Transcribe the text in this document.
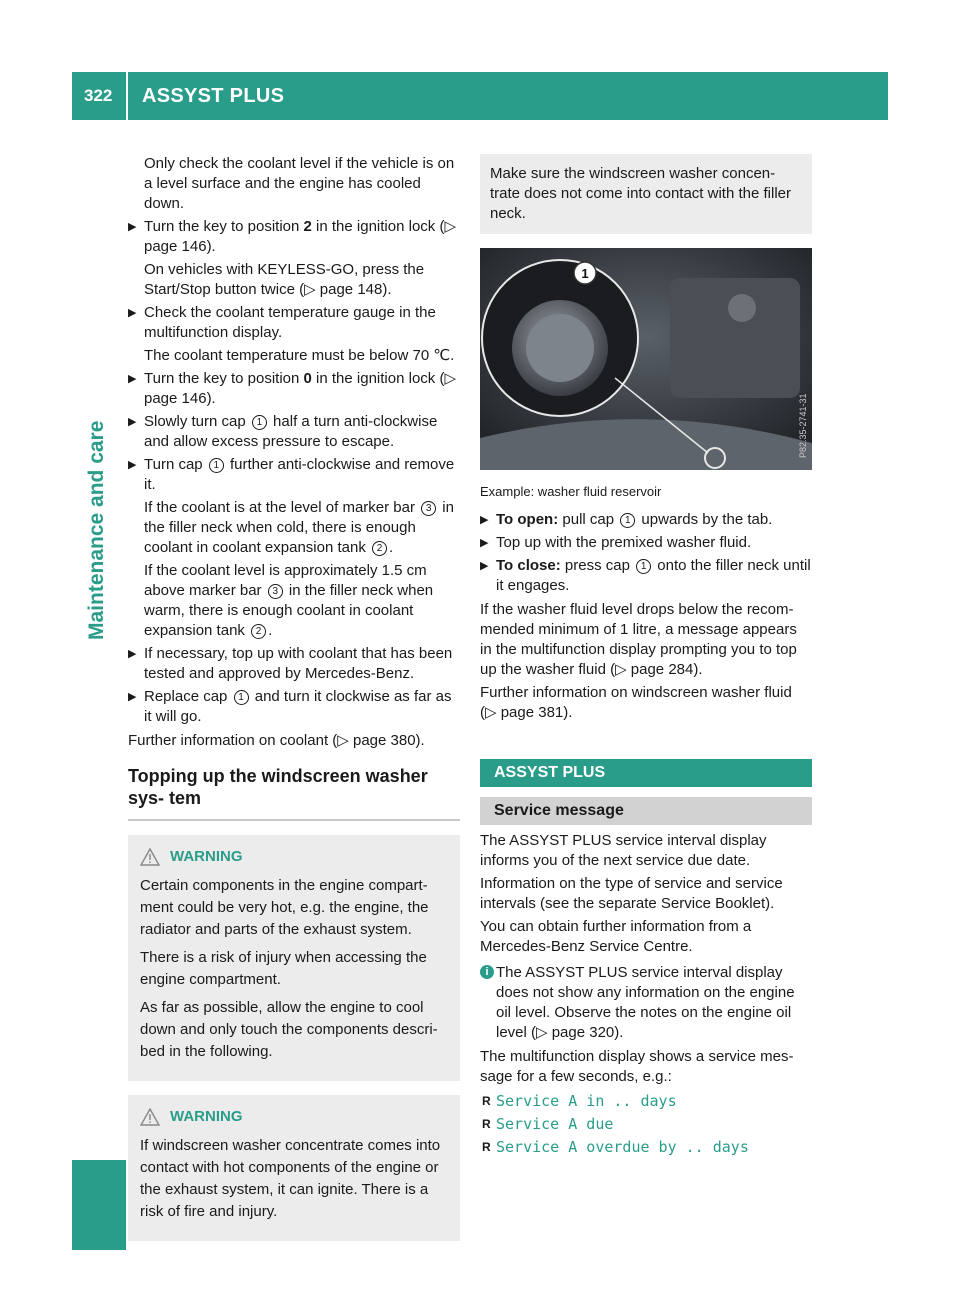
322	ASSYST PLUS
Maintenance and care
Only check the coolant level if the vehicle is on a level surface and the engine has cooled down.
▶ Turn the key to position 2 in the ignition lock (▷ page 146).
On vehicles with KEYLESS-GO, press the Start/Stop button twice (▷ page 148).
▶ Check the coolant temperature gauge in the multifunction display.
The coolant temperature must be below 70 ℃.
▶ Turn the key to position 0 in the ignition lock (▷ page 146).
▶ Slowly turn cap 1 half a turn anti-clockwise and allow excess pressure to escape.
▶ Turn cap 1 further anti-clockwise and remove it.
If the coolant is at the level of marker bar 3 in the filler neck when cold, there is enough coolant in coolant expansion tank 2 .
If the coolant level is approximately 1.5 cm above marker bar 3 in the filler neck when warm, there is enough coolant in coolant expansion tank 2 .
▶ If necessary, top up with coolant that has been tested and approved by Mercedes-Benz.
▶ Replace cap 1 and turn it clockwise as far as it will go.
Further information on coolant (▷ page 380).
Topping up the windscreen washer sys- tem
WARNING
Certain components in the engine compart- ment could be very hot, e.g. the engine, the radiator and parts of the exhaust system.
There is a risk of injury when accessing the engine compartment.
As far as possible, allow the engine to cool down and only touch the components descri- bed in the following.
WARNING
If windscreen washer concentrate comes into contact with hot components of the engine or the exhaust system, it can ignite. There is a risk of fire and injury.
Make sure the windscreen washer concen- trate does not come into contact with the filler neck.
1
P82.35-2741-31
Example: washer fluid reservoir
▶ To open: pull cap 1 upwards by the tab.
▶ Top up with the premixed washer fluid.
▶ To close: press cap 1 onto the filler neck until it engages.
If the washer fluid level drops below the recom- mended minimum of 1 litre, a message appears in the multifunction display prompting you to top up the washer fluid (▷ page 284).
Further information on windscreen washer fluid (▷ page 381).
ASSYST PLUS
Service message
The ASSYST PLUS service interval display informs you of the next service due date.
Information on the type of service and service intervals (see the separate Service Booklet).
You can obtain further information from a Mercedes-Benz Service Centre.
i The ASSYST PLUS service interval display does not show any information on the engine oil level. Observe the notes on the engine oil level (▷ page 320).
The multifunction display shows a service mes- sage for a few seconds, e.g.:
R Service A in .. days
R Service A due
R Service A overdue by .. days
